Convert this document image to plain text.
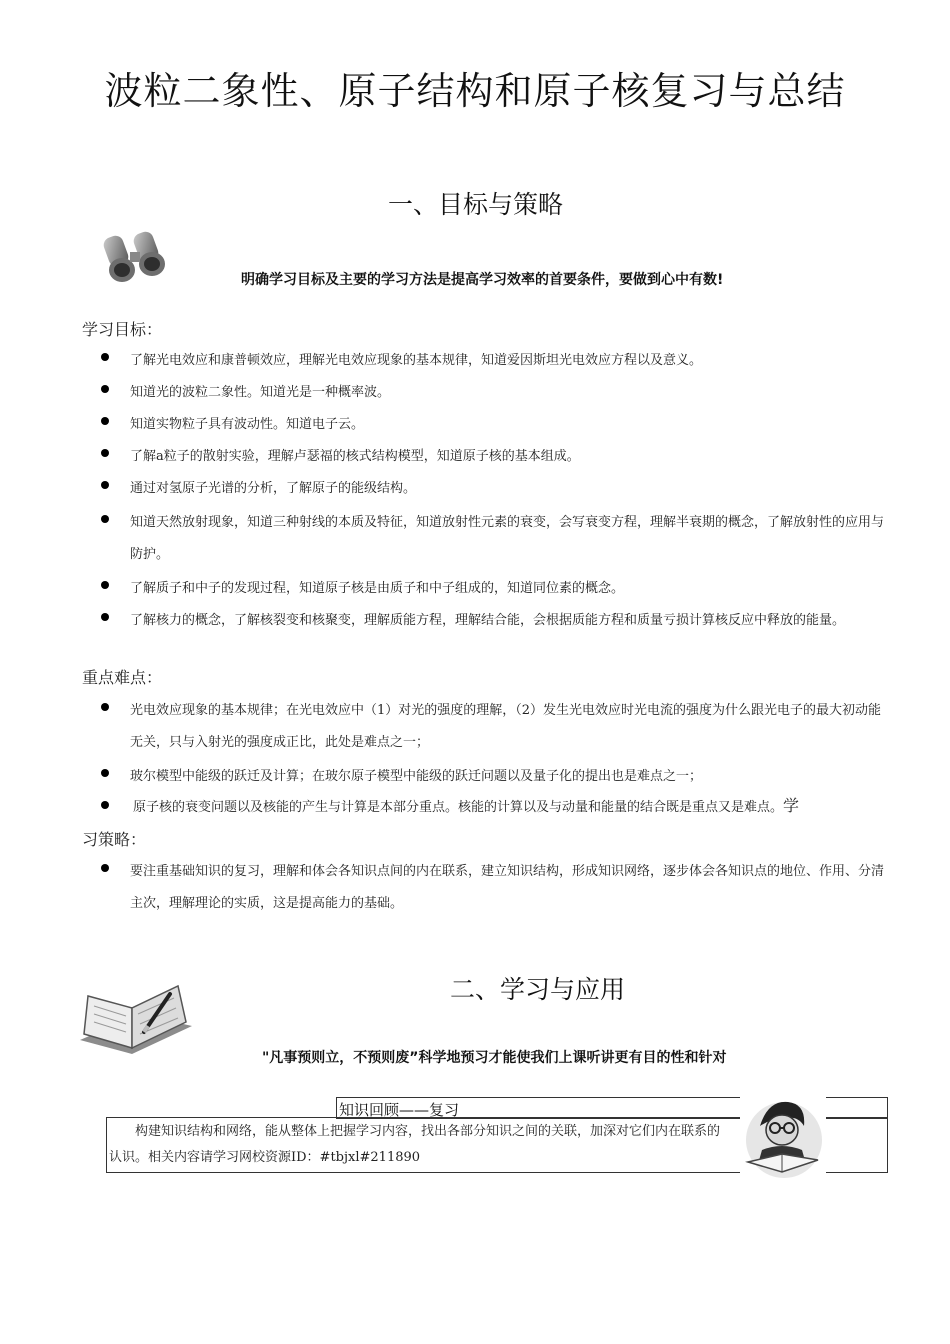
波粒二象性、原子结构和原子核复习与总结
一、目标与策略
明确学习目标及主要的学习方法是提高学习效率的首要条件，要做到心中有数!
学习目标：
了解光电效应和康普顿效应，理解光电效应现象的基本规律，知道爱因斯坦光电效应方程以及意义。
知道光的波粒二象性。知道光是一种概率波。
知道实物粒子具有波动性。知道电子云。
了解a粒子的散射实验，理解卢瑟福的核式结构模型，知道原子核的基本组成。
通过对氢原子光谱的分析，了解原子的能级结构。
知道天然放射现象，知道三种射线的本质及特征，知道放射性元素的衰变，会写衰变方程，理解半衰期的概念，了解放射性的应用与防护。
了解质子和中子的发现过程，知道原子核是由质子和中子组成的，知道同位素的概念。
了解核力的概念，了解核裂变和核聚变，理解质能方程，理解结合能，会根据质能方程和质量亏损计算核反应中释放的能量。
重点难点：
光电效应现象的基本规律；在光电效应中（1）对光的强度的理解，（2）发生光电效应时光电流的强度为什么跟光电子的最大初动能无关，只与入射光的强度成正比，此处是难点之一；
玻尔模型中能级的跃迁及计算；在玻尔原子模型中能级的跃迁问题以及量子化的提出也是难点之一；
原子核的衰变问题以及核能的产生与计算是本部分重点。核能的计算以及与动量和能量的结合既是重点又是难点。学
习策略：
要注重基础知识的复习，理解和体会各知识点间的内在联系，建立知识结构，形成知识网络，逐步体会各知识点的地位、作用、分清主次，理解理论的实质，这是提高能力的基础。
二、学习与应用
"凡事预则立，不预则废”科学地预习才能使我们上课听讲更有目的性和针对
知识回顾——复习
构建知识结构和网络，能从整体上把握学习内容，找出各部分知识之间的关联，加深对它们内在联系的认识。相关内容请学习网校资源ID：#tbjxl#211890
